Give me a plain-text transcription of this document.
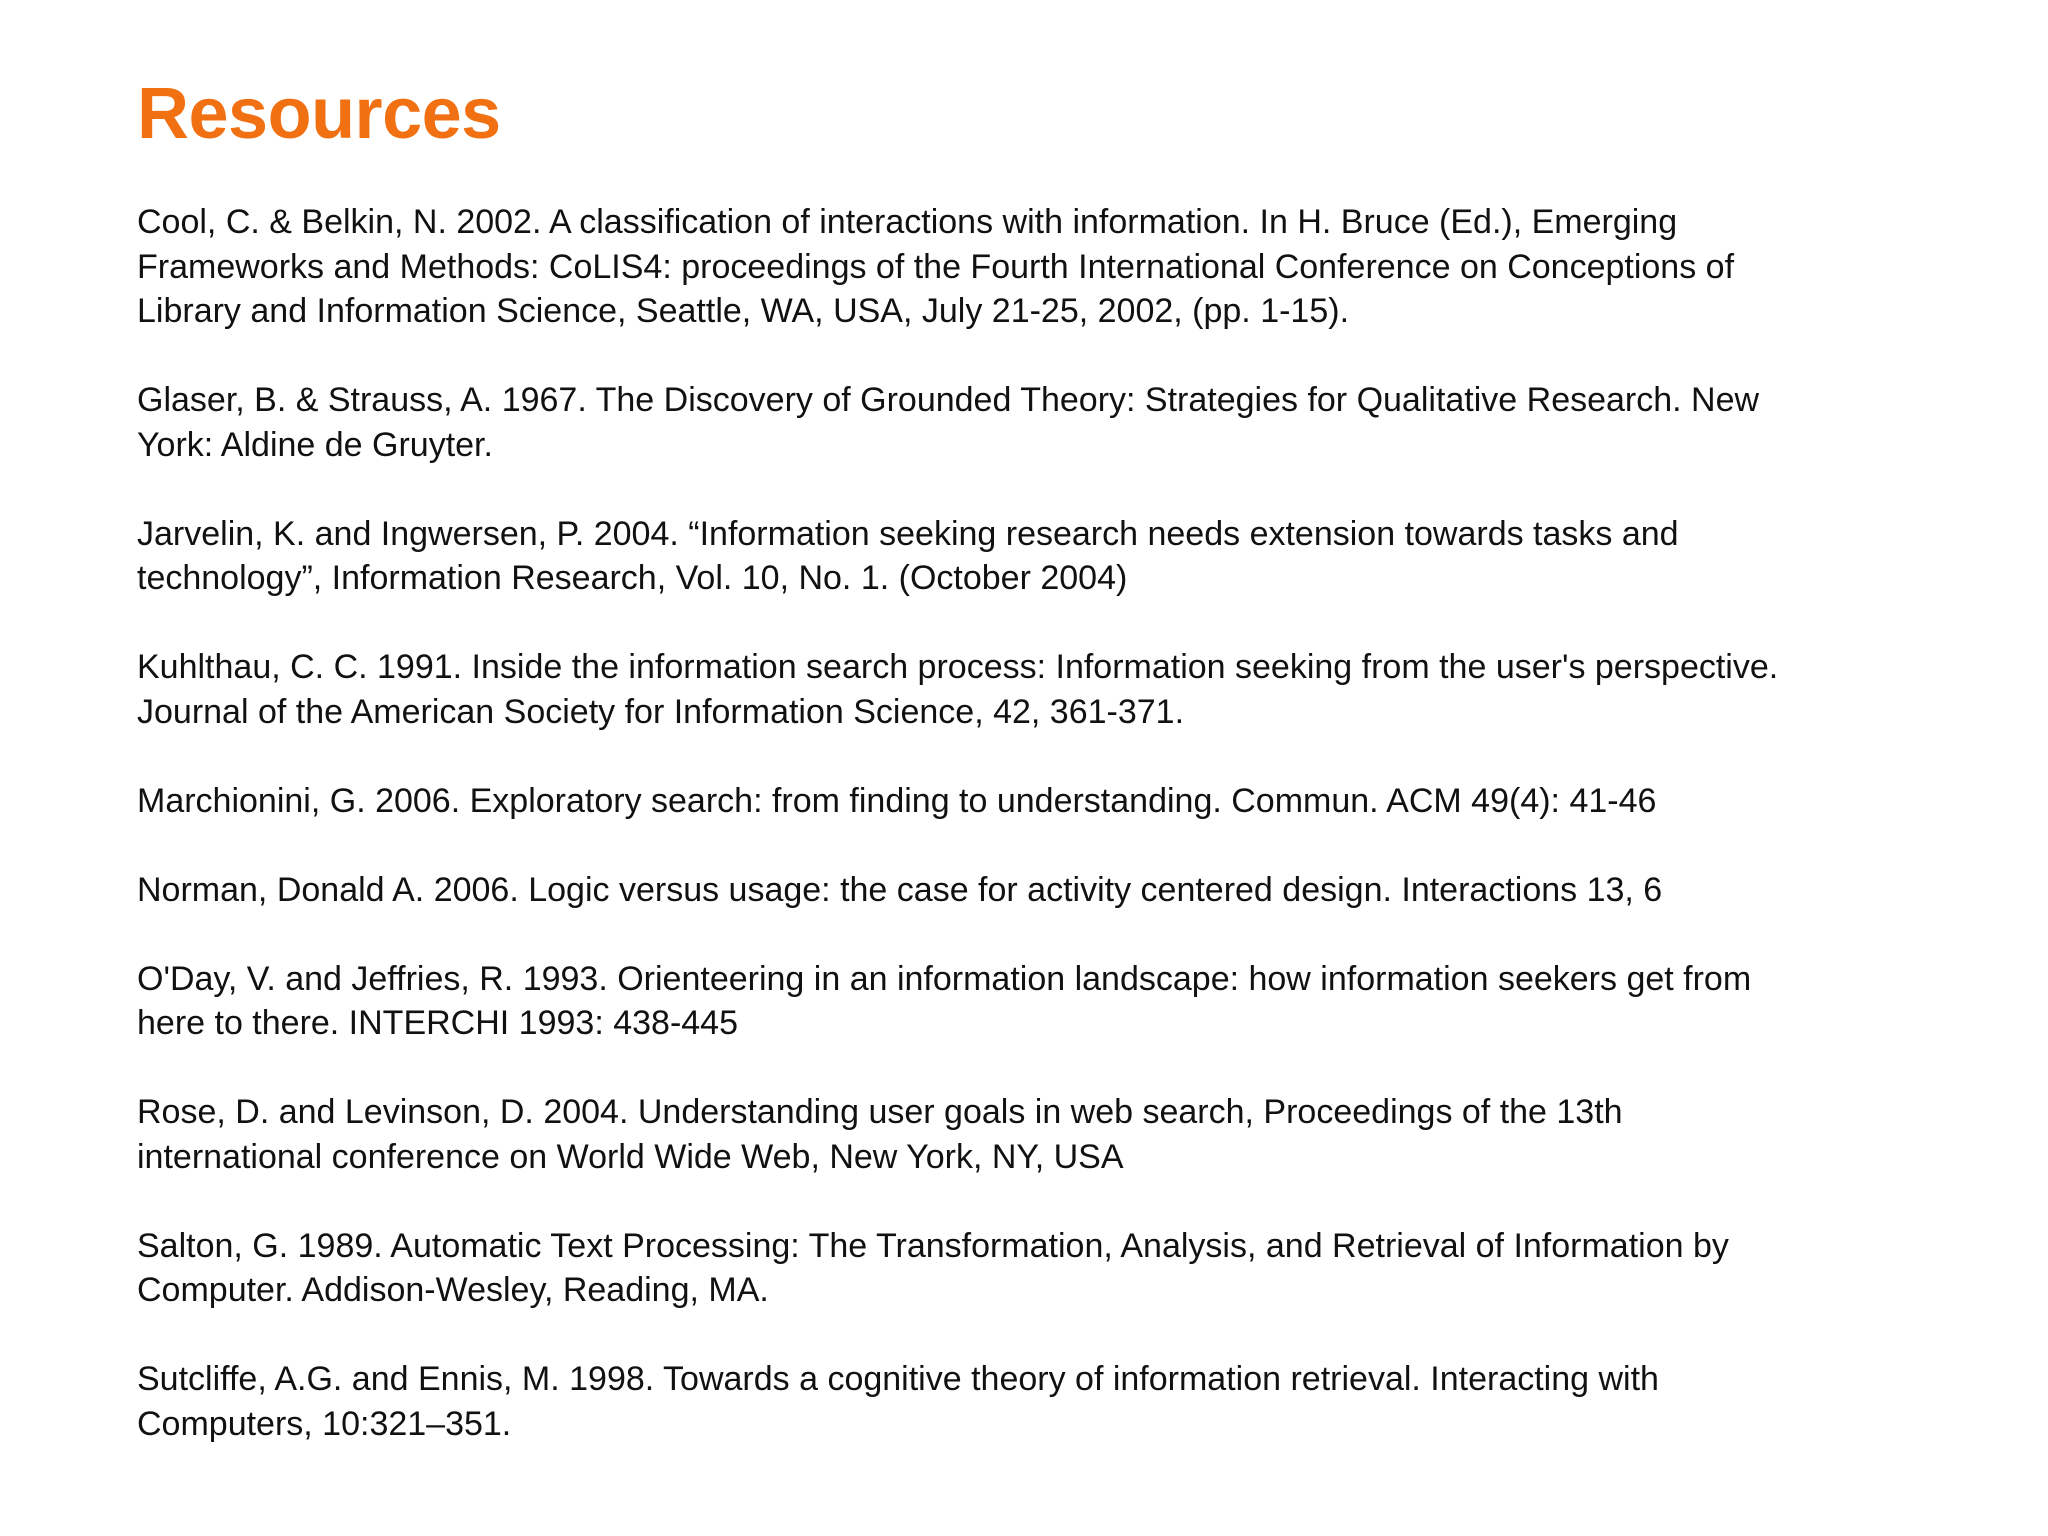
Resources
Cool, C. & Belkin, N. 2002. A classification of interactions with information. In H. Bruce (Ed.), Emerging
Frameworks and Methods: CoLIS4: proceedings of the Fourth International Conference on Conceptions of
Library and Information Science, Seattle, WA, USA, July 21-25, 2002, (pp. 1-15).
Glaser, B. & Strauss, A. 1967. The Discovery of Grounded Theory: Strategies for Qualitative Research. New
York: Aldine de Gruyter.
Jarvelin, K. and Ingwersen, P. 2004. “Information seeking research needs extension towards tasks and
technology”, Information Research, Vol. 10, No. 1. (October 2004)
Kuhlthau, C. C. 1991. Inside the information search process: Information seeking from the user's perspective.
Journal of the American Society for Information Science, 42, 361-371.
Marchionini, G. 2006. Exploratory search: from finding to understanding. Commun. ACM 49(4): 41-46
Norman, Donald A. 2006. Logic versus usage: the case for activity centered design. Interactions 13, 6
O'Day, V. and Jeffries, R. 1993. Orienteering in an information landscape: how information seekers get from
here to there. INTERCHI 1993: 438-445
Rose, D. and Levinson, D. 2004. Understanding user goals in web search, Proceedings of the 13th
international conference on World Wide Web, New York, NY, USA
Salton, G. 1989. Automatic Text Processing: The Transformation, Analysis, and Retrieval of Information by
Computer. Addison-Wesley, Reading, MA.
Sutcliffe, A.G. and Ennis, M. 1998. Towards a cognitive theory of information retrieval. Interacting with
Computers, 10:321–351.
